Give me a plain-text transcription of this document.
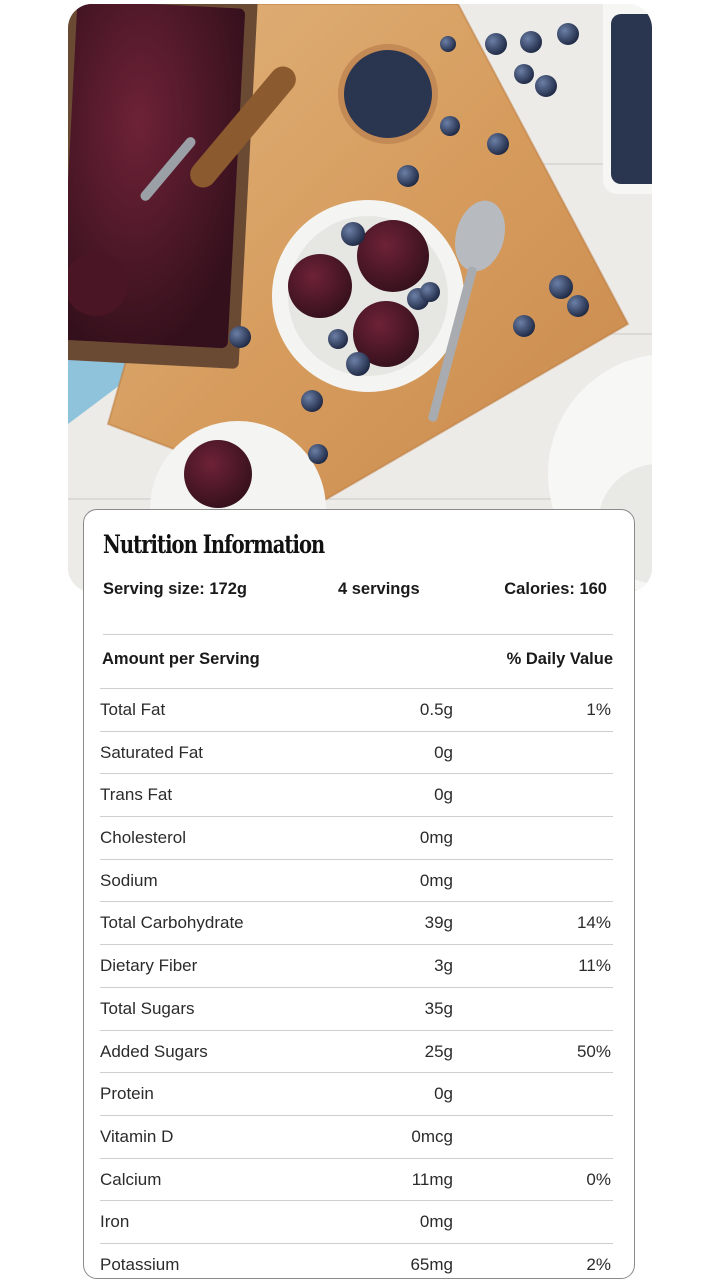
Nutrition Information
Serving size: 172g	4 servings	Calories: 160
Amount per Serving	% Daily Value
Total Fat	0.5g	1%
Saturated Fat	0g
Trans Fat	0g
Cholesterol	0mg
Sodium	0mg
Total Carbohydrate	39g	14%
Dietary Fiber	3g	11%
Total Sugars	35g
Added Sugars	25g	50%
Protein	0g
Vitamin D	0mcg
Calcium	11mg	0%
Iron	0mg
Potassium	65mg	2%
